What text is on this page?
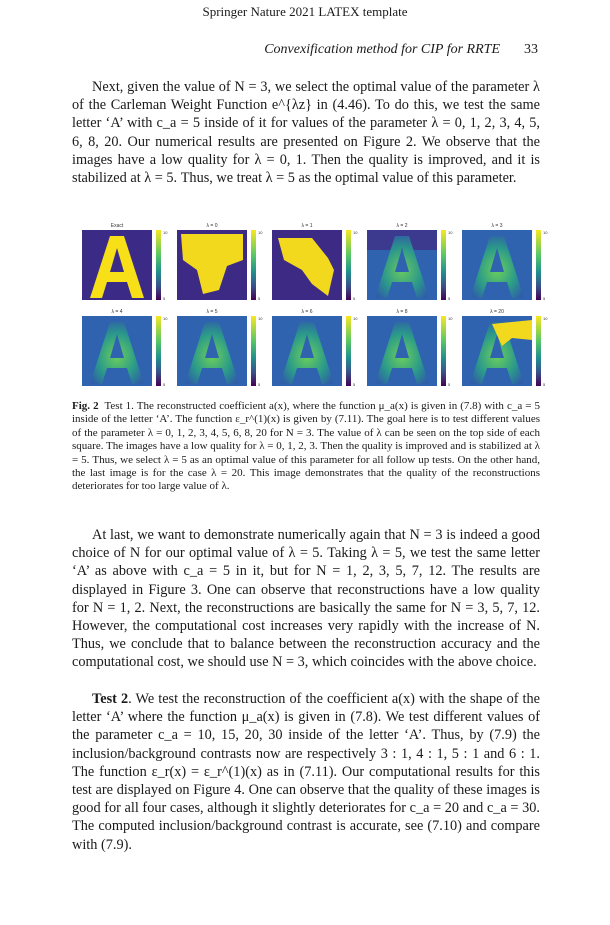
Springer Nature 2021 LATEX template
Convexification method for CIP for RRTE 33

Next, given the value of N = 3, we select the optimal value of the parameter λ of the Carleman Weight Function e^{λz} in (4.46). To do this, we test the same letter ‘A’ with c_a = 5 inside of it for values of the parameter λ = 0, 1, 2, 3, 4, 5, 6, 8, 20. Our numerical results are presented on Figure 2. We observe that the images have a low quality for λ = 0, 1. Then the quality is improved, and it is stabilized at λ = 5. Thus, we treat λ = 5 as the optimal value of this parameter.

Exact
10
5
λ = 0
10
5
λ = 1
10
5
λ = 2
10
5
λ = 3
10
5
λ = 4
10
5
λ = 5
10
5
λ = 6
10
5
λ = 8
10
5
λ = 20
10
5
Fig. 2 Test 1. The reconstructed coefficient a(x), where the function μ_a(x) is given in (7.8) with c_a = 5 inside of the letter ‘A’. The function ε_r^(1)(x) is given by (7.11). The goal here is to test different values of the parameter λ = 0, 1, 2, 3, 4, 5, 6, 8, 20 for N = 3. The value of λ can be seen on the top side of each square. The images have a low quality for λ = 0, 1, 2, 3. Then the quality is improved and is stabilized at λ = 5. Thus, we select λ = 5 as an optimal value of this parameter for all follow up tests. On the other hand, the last image is for the case λ = 20. This image demonstrates that the quality of the reconstructions deteriorates for too large value of λ.

At last, we want to demonstrate numerically again that N = 3 is indeed a good choice of N for our optimal value of λ = 5. Taking λ = 5, we test the same letter ‘A’ as above with c_a = 5 in it, but for N = 1, 2, 3, 5, 7, 12. The results are displayed in Figure 3. One can observe that reconstructions have a low quality for N = 1, 2. Next, the reconstructions are basically the same for N = 3, 5, 7, 12. However, the computational cost increases very rapidly with the increase of N. Thus, we conclude that to balance between the reconstruction accuracy and the computational cost, we should use N = 3, which coincides with the above choice.

Test 2. We test the reconstruction of the coefficient a(x) with the shape of the letter ‘A’ where the function μ_a(x) is given in (7.8). We test different values of the parameter c_a = 10, 15, 20, 30 inside of the letter ‘A’. Thus, by (7.9) the inclusion/background contrasts now are respectively 3 : 1, 4 : 1, 5 : 1 and 6 : 1. The function ε_r(x) = ε_r^(1)(x) as in (7.11). Our computational results for this test are displayed on Figure 4. One can observe that the quality of these images is good for all four cases, although it slightly deteriorates for c_a = 20 and c_a = 30. The computed inclusion/background contrast is accurate, see (7.10) and compare with (7.9).
